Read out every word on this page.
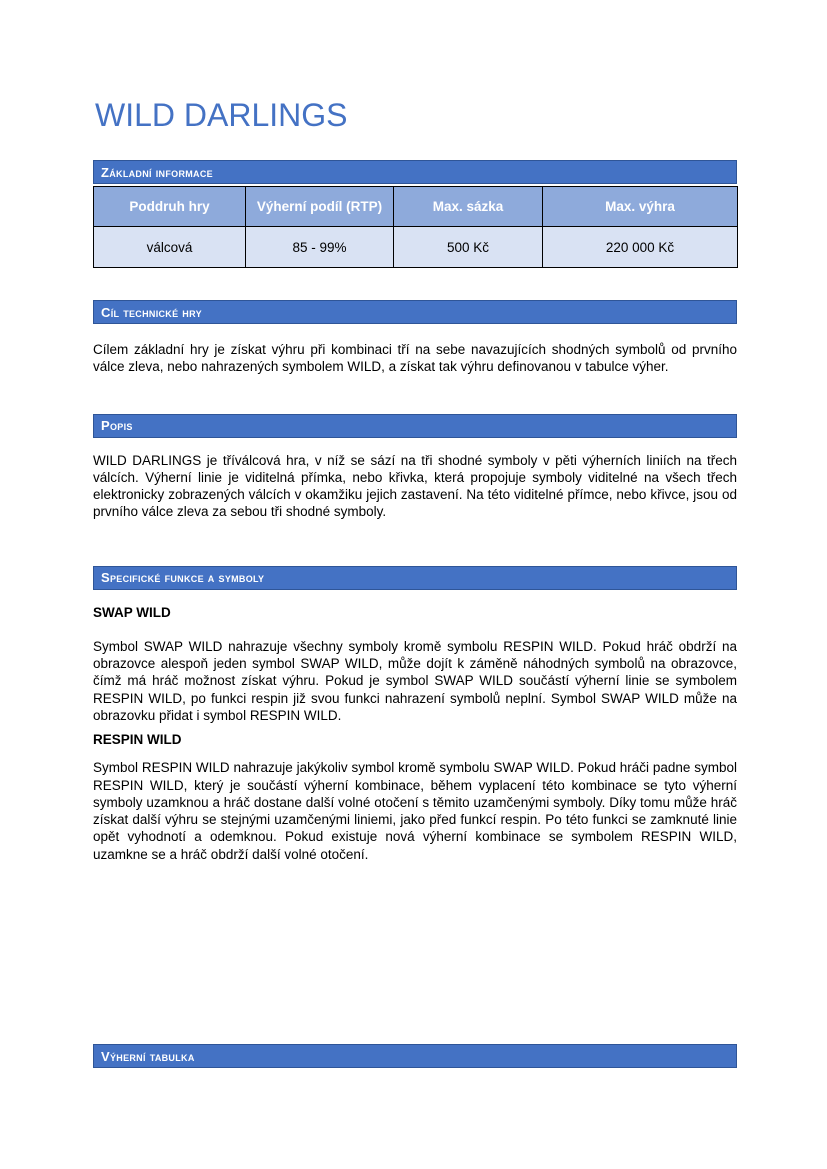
WILD DARLINGS
Základní informace
Poddruh hry	Výherní podíl (RTP)	Max. sázka	Max. výhra
válcová	85 - 99%	500 Kč	220 000 Kč
Cíl technické hry

Cílem základní hry je získat výhru při kombinaci tří na sebe navazujících shodných symbolů od prvního válce zleva, nebo nahrazených symbolem WILD, a získat tak výhru definovanou v tabulce výher.

Popis

WILD DARLINGS je tříválcová hra, v níž se sází na tři shodné symboly v pěti výherních liniích na třech válcích. Výherní linie je viditelná přímka, nebo křivka, která propojuje symboly viditelné na všech třech elektronicky zobrazených válcích v okamžiku jejich zastavení. Na této viditelné přímce, nebo křivce, jsou od prvního válce zleva za sebou tři shodné symboly.

Specifické funkce a symboly
SWAP WILD

Symbol SWAP WILD nahrazuje všechny symboly kromě symbolu RESPIN WILD. Pokud hráč obdrží na obrazovce alespoň jeden symbol SWAP WILD, může dojít k záměně náhodných symbolů na obrazovce, čímž má hráč možnost získat výhru. Pokud je symbol SWAP WILD součástí výherní linie se symbolem RESPIN WILD, po funkci respin již svou funkci nahrazení symbolů neplní. Symbol SWAP WILD může na obrazovku přidat i symbol RESPIN WILD.

RESPIN WILD

Symbol RESPIN WILD nahrazuje jakýkoliv symbol kromě symbolu SWAP WILD. Pokud hráči padne symbol RESPIN WILD, který je součástí výherní kombinace, během vyplacení této kombinace se tyto výherní symboly uzamknou a hráč dostane další volné otočení s těmito uzamčenými symboly. Díky tomu může hráč získat další výhru se stejnými uzamčenými liniemi, jako před funkcí respin. Po této funkci se zamknuté linie opět vyhodnotí a odemknou. Pokud existuje nová výherní kombinace se symbolem RESPIN WILD, uzamkne se a hráč obdrží další volné otočení.

Výherní tabulka
